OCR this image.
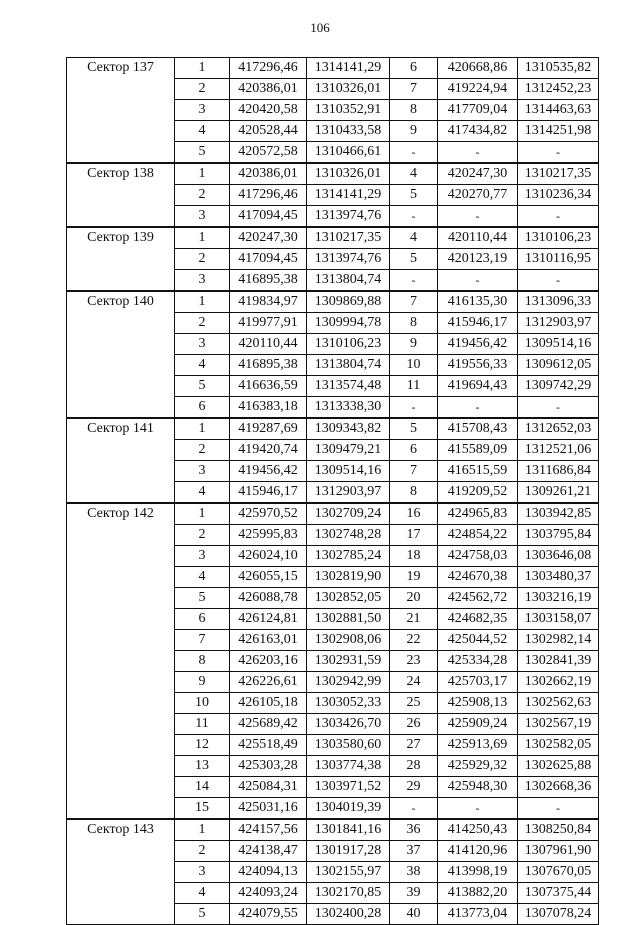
106
Сектор 137	1	417296,46	1314141,29	6	420668,86	1310535,82
	2	420386,01	1310326,01	7	419224,94	1312452,23
	3	420420,58	1310352,91	8	417709,04	1314463,63
	4	420528,44	1310433,58	9	417434,82	1314251,98
	5	420572,58	1310466,61	-	-	-
Сектор 138	1	420386,01	1310326,01	4	420247,30	1310217,35
	2	417296,46	1314141,29	5	420270,77	1310236,34
	3	417094,45	1313974,76	-	-	-
Сектор 139	1	420247,30	1310217,35	4	420110,44	1310106,23
	2	417094,45	1313974,76	5	420123,19	1310116,95
	3	416895,38	1313804,74	-	-	-
Сектор 140	1	419834,97	1309869,88	7	416135,30	1313096,33
	2	419977,91	1309994,78	8	415946,17	1312903,97
	3	420110,44	1310106,23	9	419456,42	1309514,16
	4	416895,38	1313804,74	10	419556,33	1309612,05
	5	416636,59	1313574,48	11	419694,43	1309742,29
	6	416383,18	1313338,30	-	-	-
Сектор 141	1	419287,69	1309343,82	5	415708,43	1312652,03
	2	419420,74	1309479,21	6	415589,09	1312521,06
	3	419456,42	1309514,16	7	416515,59	1311686,84
	4	415946,17	1312903,97	8	419209,52	1309261,21
Сектор 142	1	425970,52	1302709,24	16	424965,83	1303942,85
	2	425995,83	1302748,28	17	424854,22	1303795,84
	3	426024,10	1302785,24	18	424758,03	1303646,08
	4	426055,15	1302819,90	19	424670,38	1303480,37
	5	426088,78	1302852,05	20	424562,72	1303216,19
	6	426124,81	1302881,50	21	424682,35	1303158,07
	7	426163,01	1302908,06	22	425044,52	1302982,14
	8	426203,16	1302931,59	23	425334,28	1302841,39
	9	426226,61	1302942,99	24	425703,17	1302662,19
	10	426105,18	1303052,33	25	425908,13	1302562,63
	11	425689,42	1303426,70	26	425909,24	1302567,19
	12	425518,49	1303580,60	27	425913,69	1302582,05
	13	425303,28	1303774,38	28	425929,32	1302625,88
	14	425084,31	1303971,52	29	425948,30	1302668,36
	15	425031,16	1304019,39	-	-	-
Сектор 143	1	424157,56	1301841,16	36	414250,43	1308250,84
	2	424138,47	1301917,28	37	414120,96	1307961,90
	3	424094,13	1302155,97	38	413998,19	1307670,05
	4	424093,24	1302170,85	39	413882,20	1307375,44
	5	424079,55	1302400,28	40	413773,04	1307078,24
